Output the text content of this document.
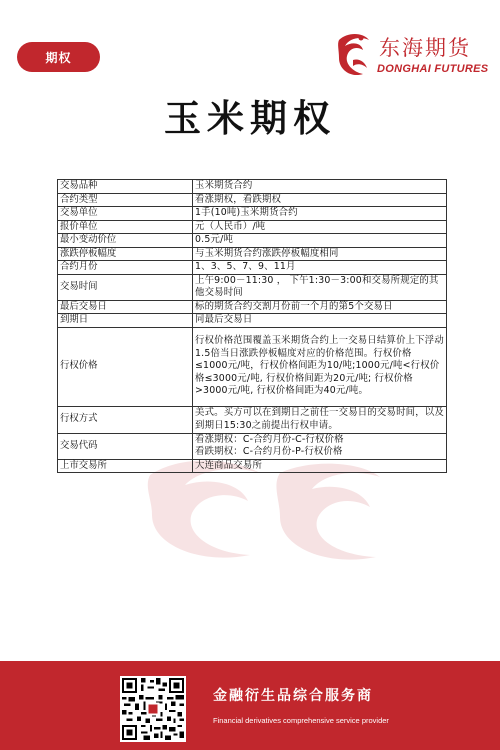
期权	东海期货
DONGHAI FUTURES
玉米期权
交易品种	玉米期货合约
合约类型	看涨期权，看跌期权
交易单位	1手(10吨)玉米期货合约
报价单位	元（人民币）/吨
最小变动价位	0.5元/吨
涨跌停板幅度	与玉米期货合约涨跌停板幅度相同
合约月份	1、3、5、7、9、11月
交易时间	上午9:00－11:30 ， 下午1:30－3:00和交易所规定的其他交易时间
最后交易日	标的期货合约交割月份前一个月的第5个交易日
到期日	同最后交易日
行权价格	行权价格范围覆盖玉米期货合约上一交易日结算价上下浮动1.5倍当日涨跌停板幅度对应的价格范围。行权价格≤1000元/吨，行权价格间距为10/吨;1000元/吨<行权价格≤3000元/吨, 行权价格间距为20元/吨; 行权价格>3000元/吨, 行权价格间距为40元/吨。
行权方式	美式。买方可以在到期日之前任一交易日的交易时间，以及到期日15:30之前提出行权申请。
交易代码	看涨期权：C-合约月份-C-行权价格
看跌期权：C-合约月份-P-行权价格

上市交易所	大连商品交易所
金融衍生品综合服务商
Financial derivatives comprehensive service provider
